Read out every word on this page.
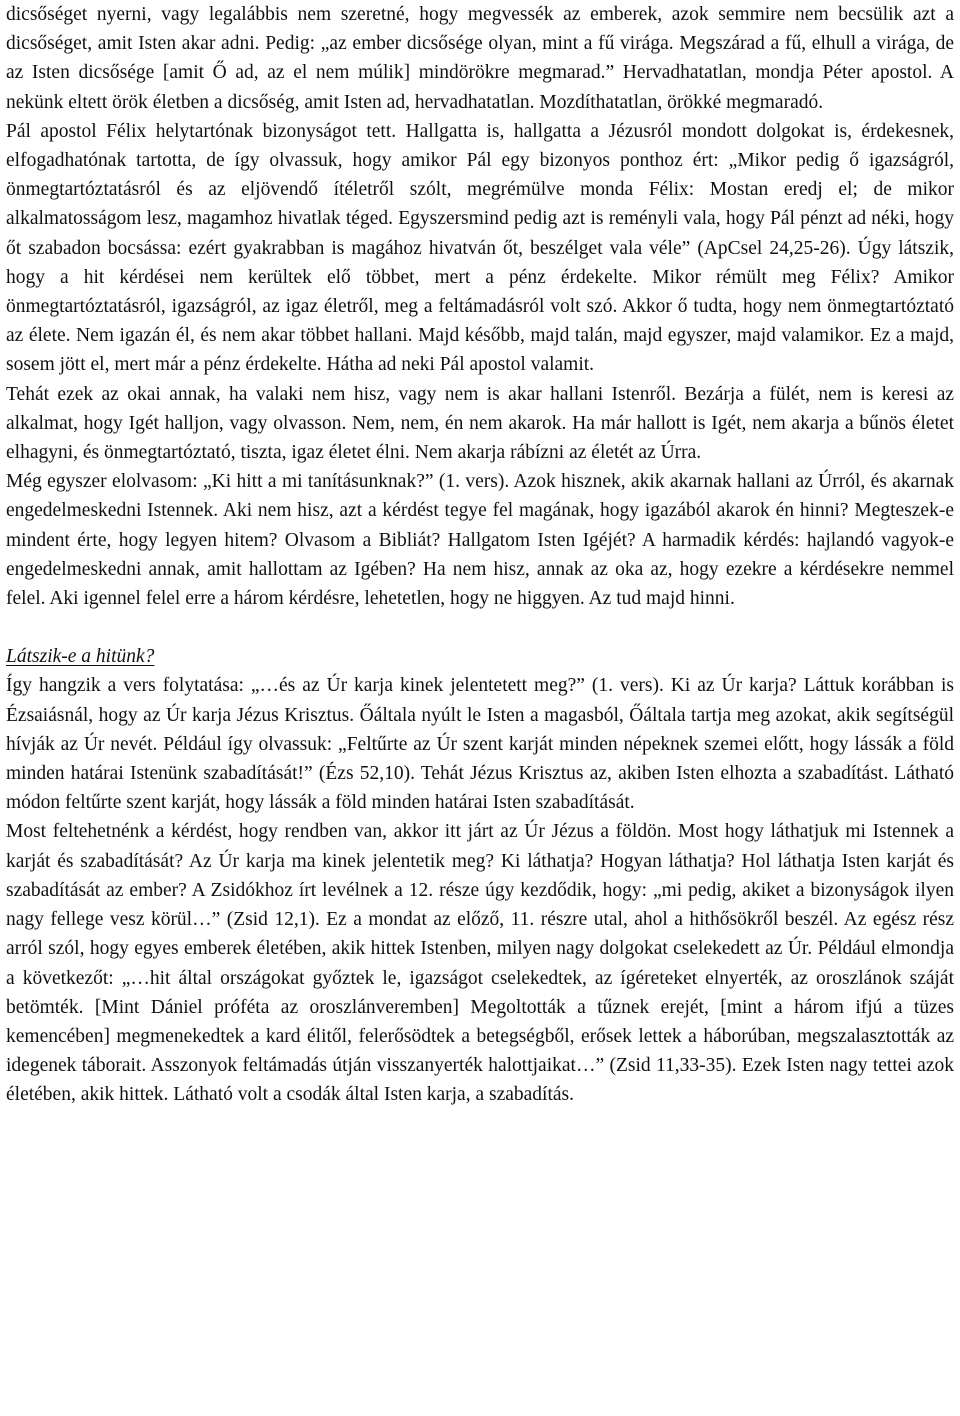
dicsőséget nyerni, vagy legalábbis nem szeretné, hogy megvessék az emberek, azok semmire nem becsülik azt a dicsőséget, amit Isten akar adni. Pedig: „az ember dicsősége olyan, mint a fű virága. Megszárad a fű, elhull a virága, de az Isten dicsősége [amit Ő ad, az el nem múlik] mindörökre megmarad.” Hervadhatatlan, mondja Péter apostol. A nekünk eltett örök életben a dicsőség, amit Isten ad, hervadhatatlan. Mozdíthatatlan, örökké megmaradó.

Pál apostol Félix helytartónak bizonyságot tett. Hallgatta is, hallgatta a Jézusról mondott dolgokat is, érdekesnek, elfogadhatónak tartotta, de így olvassuk, hogy amikor Pál egy bizonyos ponthoz ért: „Mikor pedig ő igazságról, önmegtartóztatásról és az eljövendő ítéletről szólt, megrémülve monda Félix: Mostan eredj el; de mikor alkalmatosságom lesz, magamhoz hivatlak téged. Egyszersmind pedig azt is reményli vala, hogy Pál pénzt ad néki, hogy őt szabadon bocsássa: ezért gyakrabban is magához hivatván őt, beszélget vala véle” (ApCsel 24,25-26). Úgy látszik, hogy a hit kérdései nem kerültek elő többet, mert a pénz érdekelte. Mikor rémült meg Félix? Amikor önmegtartóztatásról, igazságról, az igaz életről, meg a feltámadásról volt szó. Akkor ő tudta, hogy nem önmegtartóztató az élete. Nem igazán él, és nem akar többet hallani. Majd később, majd talán, majd egyszer, majd valamikor. Ez a majd, sosem jött el, mert már a pénz érdekelte. Hátha ad neki Pál apostol valamit.

Tehát ezek az okai annak, ha valaki nem hisz, vagy nem is akar hallani Istenről. Bezárja a fülét, nem is keresi az alkalmat, hogy Igét halljon, vagy olvasson. Nem, nem, én nem akarok. Ha már hallott is Igét, nem akarja a bűnös életet elhagyni, és önmegtartóztató, tiszta, igaz életet élni. Nem akarja rábízni az életét az Úrra.

Még egyszer elolvasom: „Ki hitt a mi tanításunknak?” (1. vers). Azok hisznek, akik akarnak hallani az Úrról, és akarnak engedelmeskedni Istennek. Aki nem hisz, azt a kérdést tegye fel magának, hogy igazából akarok én hinni? Megteszek-e mindent érte, hogy legyen hitem? Olvasom a Bibliát? Hallgatom Isten Igéjét? A harmadik kérdés: hajlandó vagyok-e engedelmeskedni annak, amit hallottam az Igében? Ha nem hisz, annak az oka az, hogy ezekre a kérdésekre nemmel felel. Aki igennel felel erre a három kérdésre, lehetetlen, hogy ne higgyen. Az tud majd hinni.

Látszik-e a hitünk?

Így hangzik a vers folytatása: „…és az Úr karja kinek jelentetett meg?” (1. vers). Ki az Úr karja? Láttuk korábban is Ézsaiásnál, hogy az Úr karja Jézus Krisztus. Őáltala nyúlt le Isten a magasból, Őáltala tartja meg azokat, akik segítségül hívják az Úr nevét. Például így olvassuk: „Feltűrte az Úr szent karját minden népeknek szemei előtt, hogy lássák a föld minden határai Istenünk szabadítását!” (Ézs 52,10). Tehát Jézus Krisztus az, akiben Isten elhozta a szabadítást. Látható módon feltűrte szent karját, hogy lássák a föld minden határai Isten szabadítását.

Most feltehetnénk a kérdést, hogy rendben van, akkor itt járt az Úr Jézus a földön. Most hogy láthatjuk mi Istennek a karját és szabadítását? Az Úr karja ma kinek jelentetik meg? Ki láthatja? Hogyan láthatja? Hol láthatja Isten karját és szabadítását az ember? A Zsidókhoz írt levélnek a 12. része úgy kezdődik, hogy: „mi pedig, akiket a bizonyságok ilyen nagy fellege vesz körül…” (Zsid 12,1). Ez a mondat az előző, 11. részre utal, ahol a hithősökről beszél. Az egész rész arról szól, hogy egyes emberek életében, akik hittek Istenben, milyen nagy dolgokat cselekedett az Úr. Például elmondja a következőt: „…hit által országokat győztek le, igazságot cselekedtek, az ígéreteket elnyerték, az oroszlánok száját betömték. [Mint Dániel próféta az oroszlánveremben] Megoltották a tűznek erejét, [mint a három ifjú a tüzes kemencében] megmenekedtek a kard élitől, felerősödtek a betegségből, erősek lettek a háborúban, megszalasztották az idegenek táborait. Asszonyok feltámadás útján visszanyerték halottjaikat…” (Zsid 11,33-35). Ezek Isten nagy tettei azok életében, akik hittek. Látható volt a csodák által Isten karja, a szabadítás.
